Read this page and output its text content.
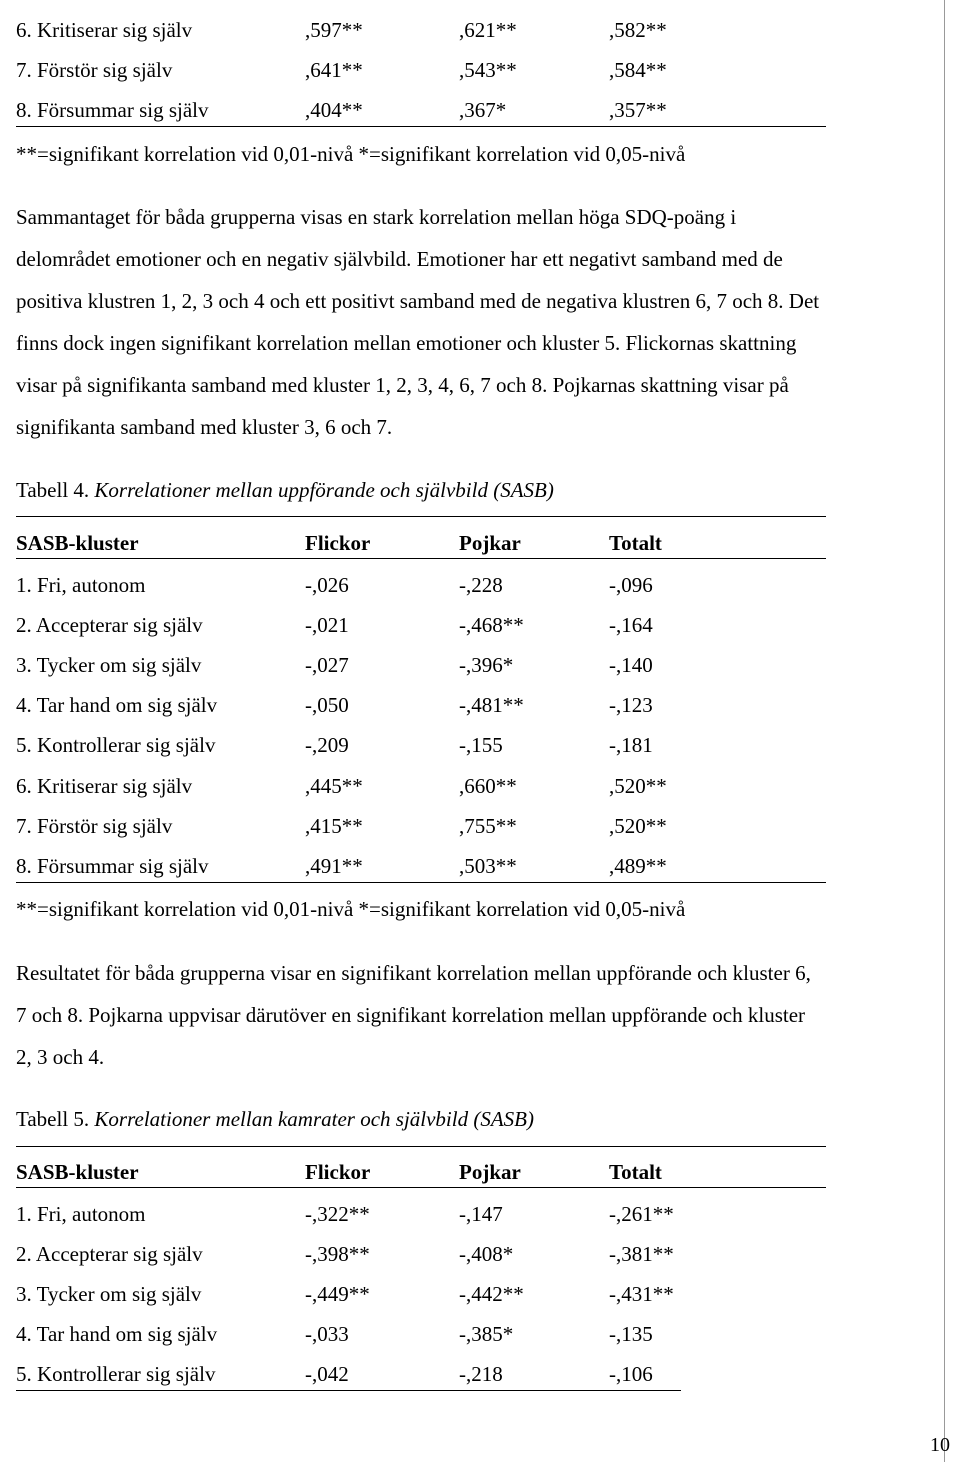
6. Kritiserar sig själv	,597**	,621**	,582**
7. Förstör sig själv	,641**	,543**	,584**
8. Försummar sig själv	,404**	,367*	,357**
**=signifikant korrelation vid 0,01-nivå *=signifikant korrelation vid 0,05-nivå
Sammantaget för båda grupperna visas en stark korrelation mellan höga SDQ-poäng i
delområdet emotioner och en negativ självbild. Emotioner har ett negativt samband med de
positiva klustren 1, 2, 3 och 4 och ett positivt samband med de negativa klustren 6, 7 och 8. Det
finns dock ingen signifikant korrelation mellan emotioner och kluster 5. Flickornas skattning
visar på signifikanta samband med kluster 1, 2, 3, 4, 6, 7 och 8. Pojkarnas skattning visar på
signifikanta samband med kluster 3, 6 och 7.
Tabell 4. Korrelationer mellan uppförande och självbild (SASB)
SASB-kluster	Flickor	Pojkar	Totalt
1. Fri, autonom	-,026	-,228	-,096
2. Accepterar sig själv	-,021	-,468**	-,164
3. Tycker om sig själv	-,027	-,396*	-,140
4. Tar hand om sig själv	-,050	-,481**	-,123
5. Kontrollerar sig själv	-,209	-,155	-,181
6. Kritiserar sig själv	,445**	,660**	,520**
7. Förstör sig själv	,415**	,755**	,520**
8. Försummar sig själv	,491**	,503**	,489**
**=signifikant korrelation vid 0,01-nivå *=signifikant korrelation vid 0,05-nivå
Resultatet för båda grupperna visar en signifikant korrelation mellan uppförande och kluster 6,
7 och 8. Pojkarna uppvisar därutöver en signifikant korrelation mellan uppförande och kluster
2, 3 och 4.
Tabell 5. Korrelationer mellan kamrater och självbild (SASB)
SASB-kluster	Flickor	Pojkar	Totalt
1. Fri, autonom	-,322**	-,147	-,261**
2. Accepterar sig själv	-,398**	-,408*	-,381**
3. Tycker om sig själv	-,449**	-,442**	-,431**
4. Tar hand om sig själv	-,033	-,385*	-,135
5. Kontrollerar sig själv	-,042	-,218	-,106
10
